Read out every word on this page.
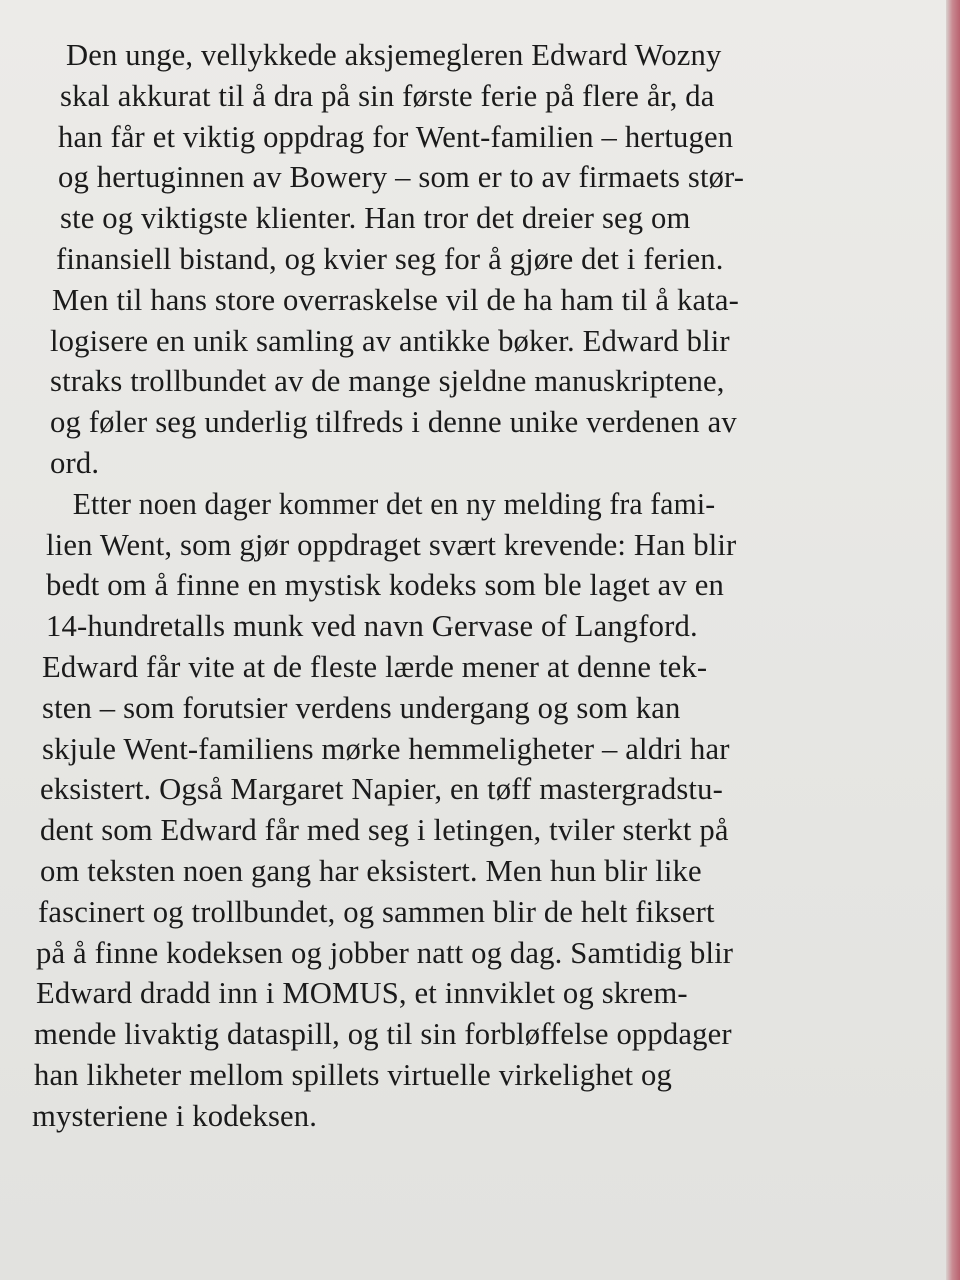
Den unge, vellykkede aksjemegleren Edward Wozny
skal akkurat til å dra på sin første ferie på flere år, da
han får et viktig oppdrag for Went-familien – hertugen
og hertuginnen av Bowery – som er to av firmaets stør-
ste og viktigste klienter. Han tror det dreier seg om
finansiell bistand, og kvier seg for å gjøre det i ferien.
Men til hans store overraskelse vil de ha ham til å kata-
logisere en unik samling av antikke bøker. Edward blir
straks trollbundet av de mange sjeldne manuskriptene,
og føler seg underlig tilfreds i denne unike verdenen av
ord.
Etter noen dager kommer det en ny melding fra fami-
lien Went, som gjør oppdraget svært krevende: Han blir
bedt om å finne en mystisk kodeks som ble laget av en
14-hundretalls munk ved navn Gervase of Langford.
Edward får vite at de fleste lærde mener at denne tek-
sten – som forutsier verdens undergang og som kan
skjule Went-familiens mørke hemmeligheter – aldri har
eksistert. Også Margaret Napier, en tøff mastergradstu-
dent som Edward får med seg i letingen, tviler sterkt på
om teksten noen gang har eksistert. Men hun blir like
fascinert og trollbundet, og sammen blir de helt fiksert
på å finne kodeksen og jobber natt og dag. Samtidig blir
Edward dradd inn i MOMUS, et innviklet og skrem-
mende livaktig dataspill, og til sin forbløffelse oppdager
han likheter mellom spillets virtuelle virkelighet og
mysteriene i kodeksen.
